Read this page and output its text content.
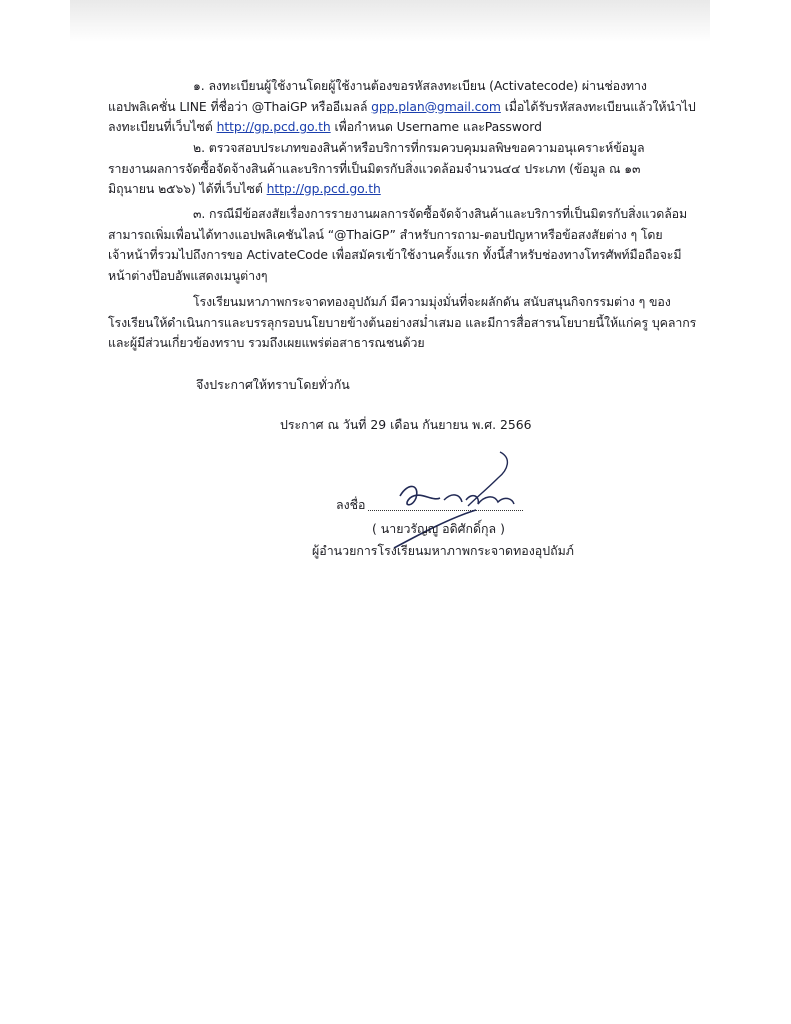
๑. ลงทะเบียนผู้ใช้งานโดยผู้ใช้งานต้องขอรหัสลงทะเบียน (Activatecode) ผ่านช่องทาง
แอปพลิเคชั่น LINE ที่ชื่อว่า @ThaiGP หรืออีเมลล์ gpp.plan@gmail.com เมื่อได้รับรหัสลงทะเบียนแล้วให้นำไป
ลงทะเบียนที่เว็บไซต์ http://gp.pcd.go.th เพื่อกำหนด Username และPassword
๒. ตรวจสอบประเภทของสินค้าหรือบริการที่กรมควบคุมมลพิษขอความอนุเคราะห์ข้อมูล
รายงานผลการจัดซื้อจัดจ้างสินค้าและบริการที่เป็นมิตรกับสิ่งแวดล้อมจำนวน๔๔ ประเภท (ข้อมูล ณ ๑๓
มิถุนายน ๒๕๖๖) ได้ที่เว็บไซต์ http://gp.pcd.go.th
๓. กรณีมีข้อสงสัยเรื่องการรายงานผลการจัดซื้อจัดจ้างสินค้าและบริการที่เป็นมิตรกับสิ่งแวดล้อม
สามารถเพิ่มเพื่อนได้ทางแอปพลิเคชันไลน์ “@ThaiGP” สำหรับการถาม-ตอบปัญหาหรือข้อสงสัยต่าง ๆ โดย
เจ้าหน้าที่รวมไปถึงการขอ ActivateCode เพื่อสมัครเข้าใช้งานครั้งแรก ทั้งนี้สำหรับช่องทางโทรศัพท์มือถือจะมี
หน้าต่างป๊อบอัพแสดงเมนูต่างๆ
โรงเรียนมหาภาพกระจาดทองอุปถัมภ์ มีความมุ่งมั่นที่จะผลักดัน สนับสนุนกิจกรรมต่าง ๆ ของ
โรงเรียนให้ดำเนินการและบรรลุกรอบนโยบายข้างต้นอย่างสม่ำเสมอ และมีการสื่อสารนโยบายนี้ให้แก่ครู บุคลากร
และผู้มีส่วนเกี่ยวข้องทราบ รวมถึงเผยแพร่ต่อสาธารณชนด้วย
จึงประกาศให้ทราบโดยทั่วกัน
ประกาศ ณ วันที่ 29 เดือน กันยายน พ.ศ. 2566
ลงชื่อ
( นายวรัญญู อดิศักดิ์กุล )
ผู้อำนวยการโรงเรียนมหาภาพกระจาดทองอุปถัมภ์
